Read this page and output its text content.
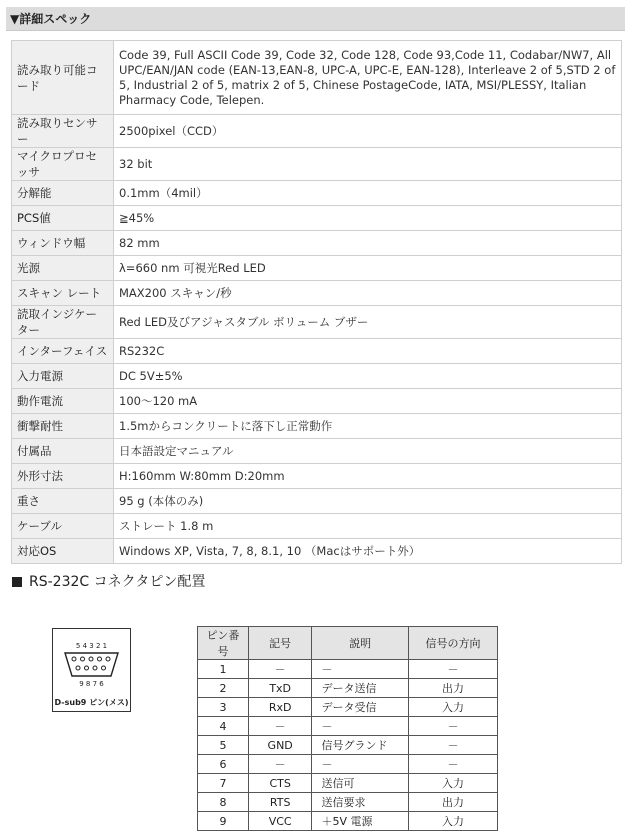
▼詳細スペック
読み取り可能コード	Code 39, Full ASCII Code 39, Code 32, Code 128, Code 93,Code 11, Codabar/NW7, All UPC/EAN/JAN code (EAN-13,EAN-8, UPC-A, UPC-E, EAN-128), Interleave 2 of 5,STD 2 of 5, Industrial 2 of 5, matrix 2 of 5, Chinese PostageCode, IATA, MSI/PLESSY, Italian Pharmacy Code, Telepen.
読み取りセンサー	2500pixel（CCD）
マイクロプロセッサ	32 bit
分解能	0.1mm（4mil）
PCS値	≧45%
ウィンドウ幅	82 mm
光源	λ=660 nm 可視光Red LED
スキャン レート	MAX200 スキャン/秒
読取インジケーター	Red LED及びアジャスタブル ボリューム ブザー
インターフェイス	RS232C
入力電源	DC 5V±5%
動作電流	100～120 mA
衝撃耐性	1.5mからコンクリートに落下し正常動作
付属品	日本語設定マニュアル
外形寸法	H:160mm W:80mm D:20mm
重さ	95 g (本体のみ)
ケーブル	ストレート 1.8 m
対応OS	Windows XP, Vista, 7, 8, 8.1, 10 （Macはサポート外）
RS-232C コネクタピン配置
5 4 3 2 1
9 8 7 6
D-sub9 ピン(メス)
ピン番号	記号	説明	信号の方向
1	－	－	－
2	TxD	データ送信	出力
3	RxD	データ受信	入力
4	－	－	－
5	GND	信号グランド	－
6	－	－	－
7	CTS	送信可	入力
8	RTS	送信要求	出力
9	VCC	＋5V 電源	入力
